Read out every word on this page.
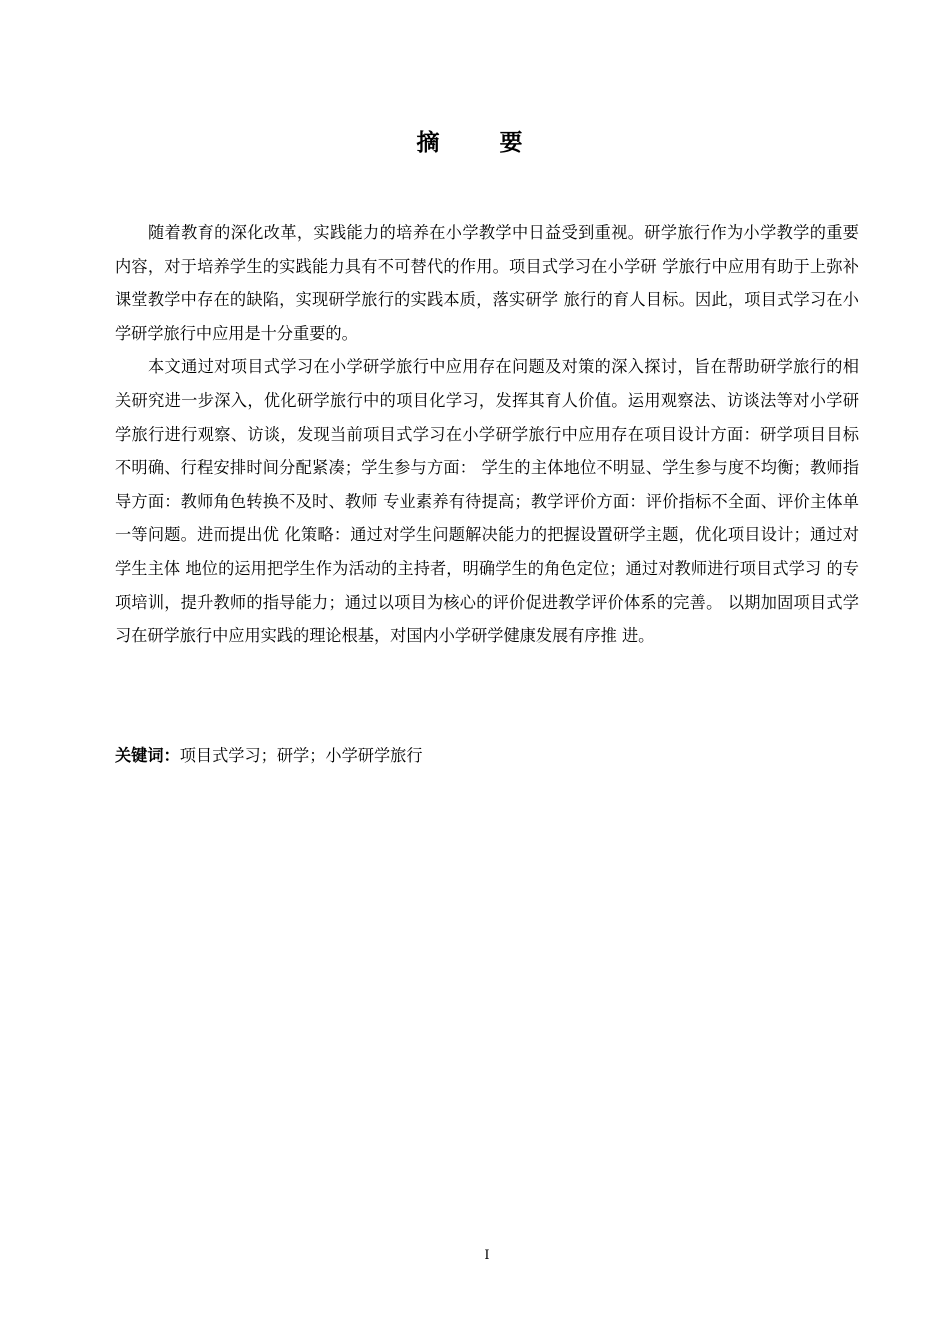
摘 要

随着教育的深化改革，实践能力的培养在小学教学中日益受到重视。研学旅行作为小学教学的重要内容，对于培养学生的实践能力具有不可替代的作用。项目式学习在小学研 学旅行中应用有助于上弥补课堂教学中存在的缺陷，实现研学旅行的实践本质，落实研学 旅行的育人目标。因此，项目式学习在小学研学旅行中应用是十分重要的。

本文通过对项目式学习在小学研学旅行中应用存在问题及对策的深入探讨，旨在帮助研学旅行的相关研究进一步深入，优化研学旅行中的项目化学习，发挥其育人价值。运用观察法、访谈法等对小学研学旅行进行观察、访谈，发现当前项目式学习在小学研学旅行中应用存在项目设计方面：研学项目目标不明确、行程安排时间分配紧凑；学生参与方面： 学生的主体地位不明显、学生参与度不均衡；教师指导方面：教师角色转换不及时、教师 专业素养有待提高；教学评价方面：评价指标不全面、评价主体单一等问题。进而提出优 化策略：通过对学生问题解决能力的把握设置研学主题，优化项目设计；通过对学生主体 地位的运用把学生作为活动的主持者，明确学生的角色定位；通过对教师进行项目式学习 的专项培训，提升教师的指导能力；通过以项目为核心的评价促进教学评价体系的完善。 以期加固项目式学习在研学旅行中应用实践的理论根基，对国内小学研学健康发展有序推 进。

关键词：项目式学习；研学；小学研学旅行
I
